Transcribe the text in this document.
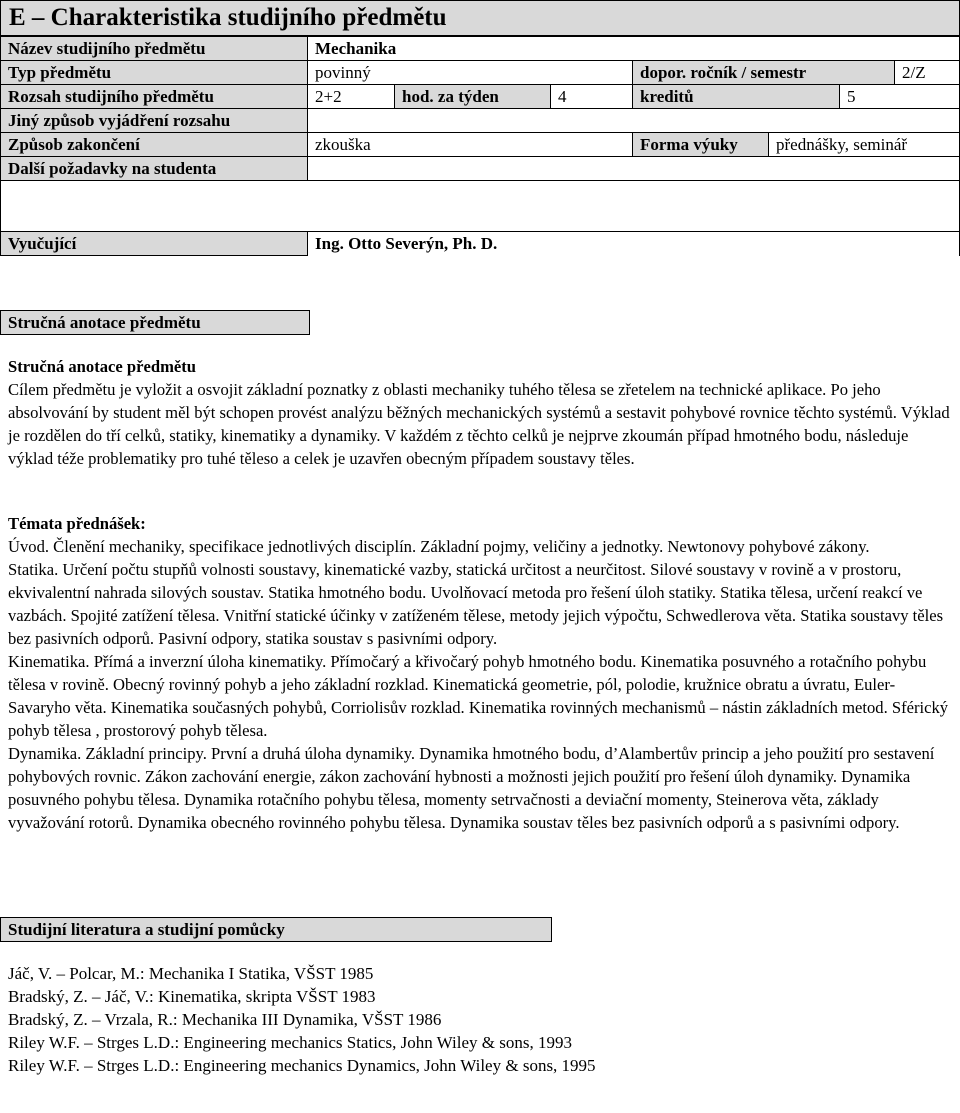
E – Charakteristika studijního předmětu
Název studijního předmětu	Mechanika
Typ předmětu	povinný	dopor. ročník / semestr	2/Z
Rozsah studijního předmětu	2+2	hod. za týden	4	kreditů	5
Jiný způsob vyjádření rozsahu
Způsob zakončení	zkouška	Forma výuky	přednášky, seminář
Další požadavky na studenta
Vyučující	Ing. Otto Severýn, Ph. D.
Stručná anotace předmětu

Stručná anotace předmětu

Cílem předmětu je vyložit a osvojit základní poznatky z oblasti mechaniky tuhého tělesa se zřetelem na technické aplikace. Po jeho absolvování by student měl být schopen provést analýzu běžných mechanických systémů a sestavit pohybové rovnice těchto systémů. Výklad je rozdělen do tří celků, statiky, kinematiky a dynamiky. V každém z těchto celků je nejprve zkoumán případ hmotného bodu, následuje výklad téže problematiky pro tuhé těleso a celek je uzavřen obecným případem soustavy těles.

Témata přednášek:

Úvod. Členění mechaniky, specifikace jednotlivých disciplín. Základní pojmy, veličiny a jednotky. Newtonovy pohybové zákony.

Statika. Určení počtu stupňů volnosti soustavy, kinematické vazby, statická určitost a neurčitost. Silové soustavy v rovině a v prostoru, ekvivalentní nahrada silových soustav. Statika hmotného bodu. Uvolňovací metoda pro řešení úloh statiky. Statika tělesa, určení reakcí ve vazbách. Spojité zatížení tělesa. Vnitřní statické účinky v zatíženém tělese, metody jejich výpočtu, Schwedlerova věta. Statika soustavy těles bez pasivních odporů. Pasivní odpory, statika soustav s pasivními odpory.

Kinematika. Přímá a inverzní úloha kinematiky. Přímočarý a křivočarý pohyb hmotného bodu. Kinematika posuvného a rotačního pohybu tělesa v rovině. Obecný rovinný pohyb a jeho základní rozklad. Kinematická geometrie, pól, polodie, kružnice obratu a úvratu, Euler-Savaryho věta. Kinematika současných pohybů, Corriolisův rozklad. Kinematika rovinných mechanismů – nástin základních metod. Sférický pohyb tělesa , prostorový pohyb tělesa.

Dynamika. Základní principy. První a druhá úloha dynamiky. Dynamika hmotného bodu, d’Alambertův princip a jeho použití pro sestavení pohybových rovnic. Zákon zachování energie, zákon zachování hybnosti a možnosti jejich použití pro řešení úloh dynamiky. Dynamika posuvného pohybu tělesa. Dynamika rotačního pohybu tělesa, momenty setrvačnosti a deviační momenty, Steinerova věta, základy vyvažování rotorů. Dynamika obecného rovinného pohybu tělesa. Dynamika soustav těles bez pasivních odporů a s pasivními odpory.

Studijní literatura a studijní pomůcky

Jáč, V. – Polcar, M.: Mechanika I Statika, VŠST 1985

Bradský, Z. – Jáč, V.: Kinematika, skripta VŠST 1983

Bradský, Z. – Vrzala, R.: Mechanika III Dynamika, VŠST 1986

Riley W.F. – Strges L.D.: Engineering mechanics Statics, John Wiley & sons, 1993

Riley W.F. – Strges L.D.: Engineering mechanics Dynamics, John Wiley & sons, 1995
